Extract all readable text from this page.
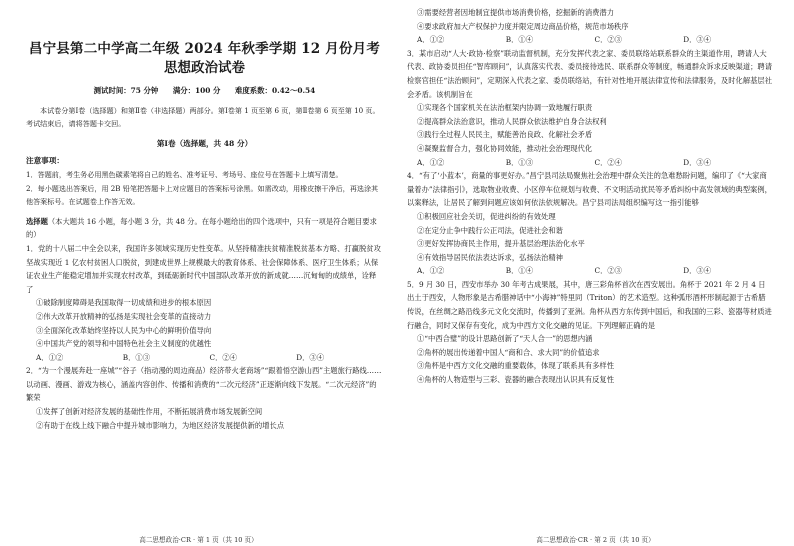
昌宁县第二中学高二年级 2024 年秋季学期 12 月份月考
思想政治试卷
测试时间：75 分钟 满分：100 分 难度系数：0.42～0.54
本试卷分第Ⅰ卷（选择题）和第Ⅱ卷（非选择题）两部分。第Ⅰ卷第 1 页至第 6 页，第Ⅱ卷第 6 页至第 10 页。考试结束后，请将答题卡交回。
第Ⅰ卷（选择题，共 48 分）
注意事项：
1．答题前，考生务必用黑色碳素笔将自己的姓名、准考证号、考场号、座位号在答题卡上填写清楚。
2．每小题选出答案后，用 2B 铅笔把答题卡上对应题目的答案标号涂黑。如需改动，用橡皮擦干净后，再选涂其他答案标号。在试题卷上作答无效。
选择题（本大题共 16 小题，每小题 3 分，共 48 分。在每小题给出的四个选项中，只有一项是符合题目要求的）
1．党的十八届二中全会以来，我国许多领域实现历史性变革。从坚持精准扶贫精准脱贫基本方略、打赢脱贫攻坚战实现近 1 亿农村贫困人口脱贫，到建成世界上规模最大的教育体系、社会保障体系、医疗卫生体系；从保证农业生产能稳定增加并实现农村改革，到砥砺新时代中国部队改革开放的新成就……沉甸甸的成绩单，诠释了
①破除制度障碍是我国取得一切成绩和进步的根本原因
②伟大改革开放精神的弘扬是实现社会变革的直接动力
③全面深化改革始终坚持以人民为中心的鲜明价值导向
④中国共产党的领导和中国特色社会主义制度的优越性
A．①②	B．①③	C．②④	D．③④
2．“为一个漫展奔赴一座城”“谷子（指动漫的周边商品）经济带火老商场”“跟着悟空游山西”主题旅行路线……以动画、漫画、游戏为核心，涵盖内容创作、传播和消费的“二次元经济”正逐渐向线下发展。“二次元经济”的繁荣
①发挥了创新对经济发展的基础性作用，不断拓展消费市场发展新空间
②有助于在线上线下融合中提升城市影响力，为地区经济发展提供新的增长点
高二思想政治·CR · 第 1 页（共 10 页）
③需要经营者因地制宜提供市场消费价格，挖掘新的消费潜力
④要求政府加大产权保护力度并限定周边商品价格，规范市场秩序
A．①②	B．①④	C．②③	D．③④
3．某市启动“人大·政协·检察”联动监督机制，充分发挥代表之家、委员联络站联系群众的主渠道作用，聘请人大代表、政协委员担任“智库顾问”，认真落实代表、委员接待选民、联系群众等制度，畅通群众诉求反映渠道；聘请检察官担任“法治顾问”，定期深入代表之家、委员联络站，有针对性地开展法律宣传和法律服务，及时化解基层社会矛盾。该机制旨在
①实现各个国家机关在法治框架内协调一致地履行职责
②提高群众法治意识，推动人民群众依法维护自身合法权利
③践行全过程人民民主，赋能善治良政、化解社会矛盾
④凝聚监督合力，强化协同效能，推动社会治理现代化
A．①②	B．①③	C．②④	D．③④
4．“有了‘小蓝本’，商量的事更好办。”昌宁县司法局聚焦社会治理中群众关注的急难愁盼问题，编印了《“大家商量着办”法律指引》，选取物业收费、小区停车位规划与收费、不文明活动扰民等矛盾纠纷中高发领域的典型案例，以案释法，让居民了解到问题应该如何依法依规解决。昌宁县司法局组织编写这一指引能够
①积极回应社会关切，促进纠纷的有效处理
②在定分止争中践行公正司法，促进社会和谐
③更好发挥协商民主作用，提升基层治理法治化水平
④有效指导居民依法表达诉求，弘扬法治精神
A．①②	B．①④	C．②③	D．③④
5．9 月 30 日，西安市举办 30 年考古成果展，其中，唐三彩角杯首次在西安展出。角杯于 2021 年 2 月 4 日出土于西安，人物形象是古希腊神话中“小海神”特里同（Triton）的艺术造型。这种弧形酒杯形制起源于古希腊传说，在丝绸之路沿线多元文化交流时，传播到了亚洲。角杯从西方东传到中国后，和我国的三彩、瓷器等材质进行融合，同时又保存有变化，成为中西方文化交融的见证。下列理解正确的是
①“中西合璧”的设计思路创新了“天人合一”的思想内涵
②角杯的展出传递着中国人“商和合、求大同”的价值追求
③角杯是中西方文化交融的重要载体，体现了联系具有多样性
④角杯的人物造型与三彩、瓷器的融合表现出认识具有反复性
高二思想政治·CR · 第 2 页（共 10 页）
